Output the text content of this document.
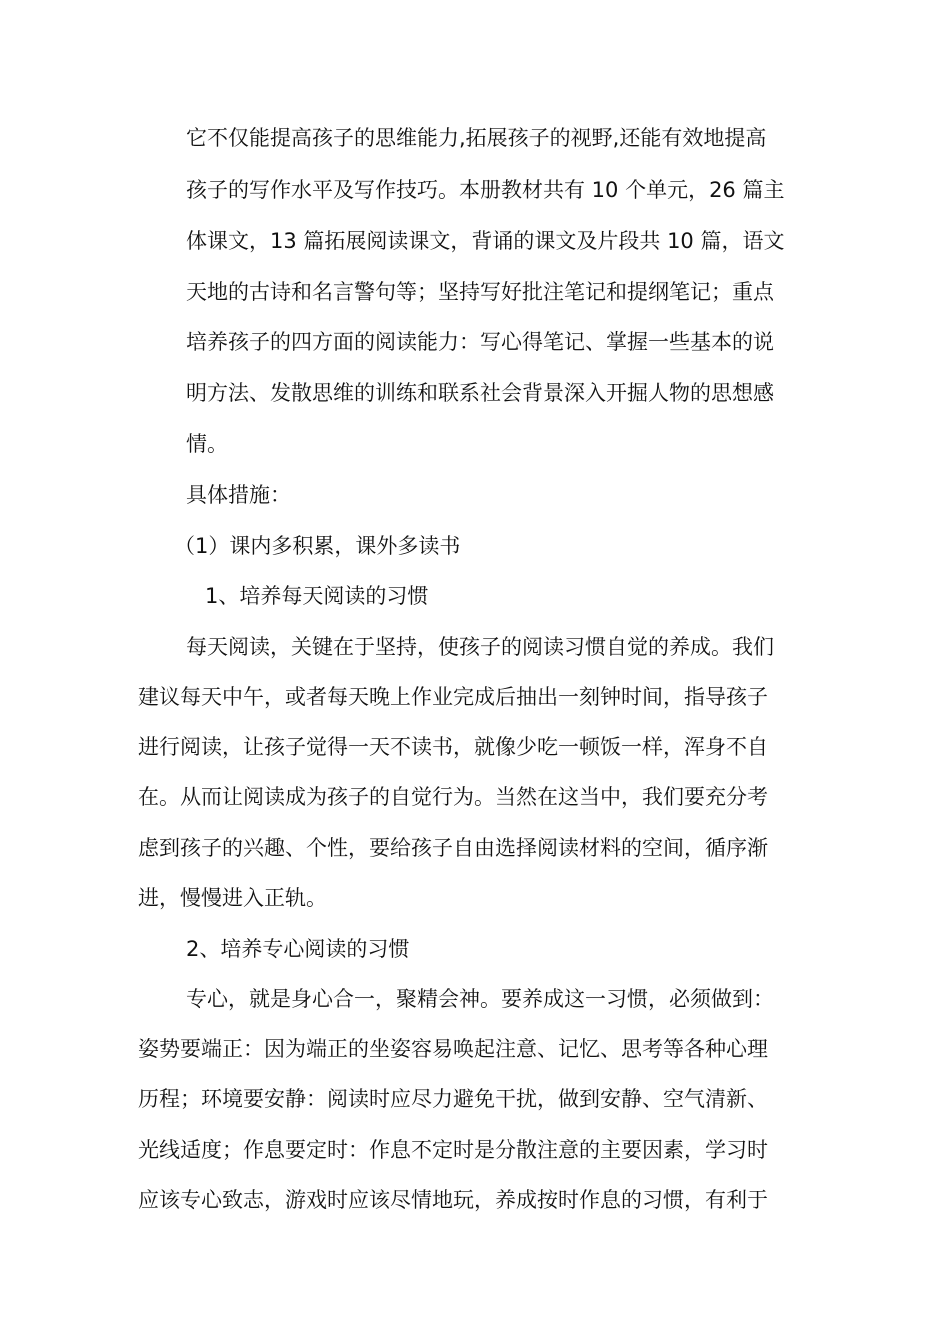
它不仅能提高孩子的思维能力,拓展孩子的视野,还能有效地提高
孩子的写作水平及写作技巧。本册教材共有 10 个单元，26 篇主
体课文，13 篇拓展阅读课文，背诵的课文及片段共 10 篇，语文
天地的古诗和名言警句等；坚持写好批注笔记和提纲笔记；重点
培养孩子的四方面的阅读能力：写心得笔记、掌握一些基本的说
明方法、发散思维的训练和联系社会背景深入开掘人物的思想感
情。
具体措施：
（1）课内多积累，课外多读书
1、培养每天阅读的习惯
每天阅读，关键在于坚持，使孩子的阅读习惯自觉的养成。我们
建议每天中午，或者每天晚上作业完成后抽出一刻钟时间，指导孩子
进行阅读，让孩子觉得一天不读书，就像少吃一顿饭一样，浑身不自
在。从而让阅读成为孩子的自觉行为。当然在这当中，我们要充分考
虑到孩子的兴趣、个性，要给孩子自由选择阅读材料的空间，循序渐
进，慢慢进入正轨。
2、培养专心阅读的习惯
专心，就是身心合一，聚精会神。要养成这一习惯，必须做到：
姿势要端正：因为端正的坐姿容易唤起注意、记忆、思考等各种心理
历程；环境要安静：阅读时应尽力避免干扰，做到安静、空气清新、
光线适度；作息要定时：作息不定时是分散注意的主要因素，学习时
应该专心致志，游戏时应该尽情地玩，养成按时作息的习惯，有利于
